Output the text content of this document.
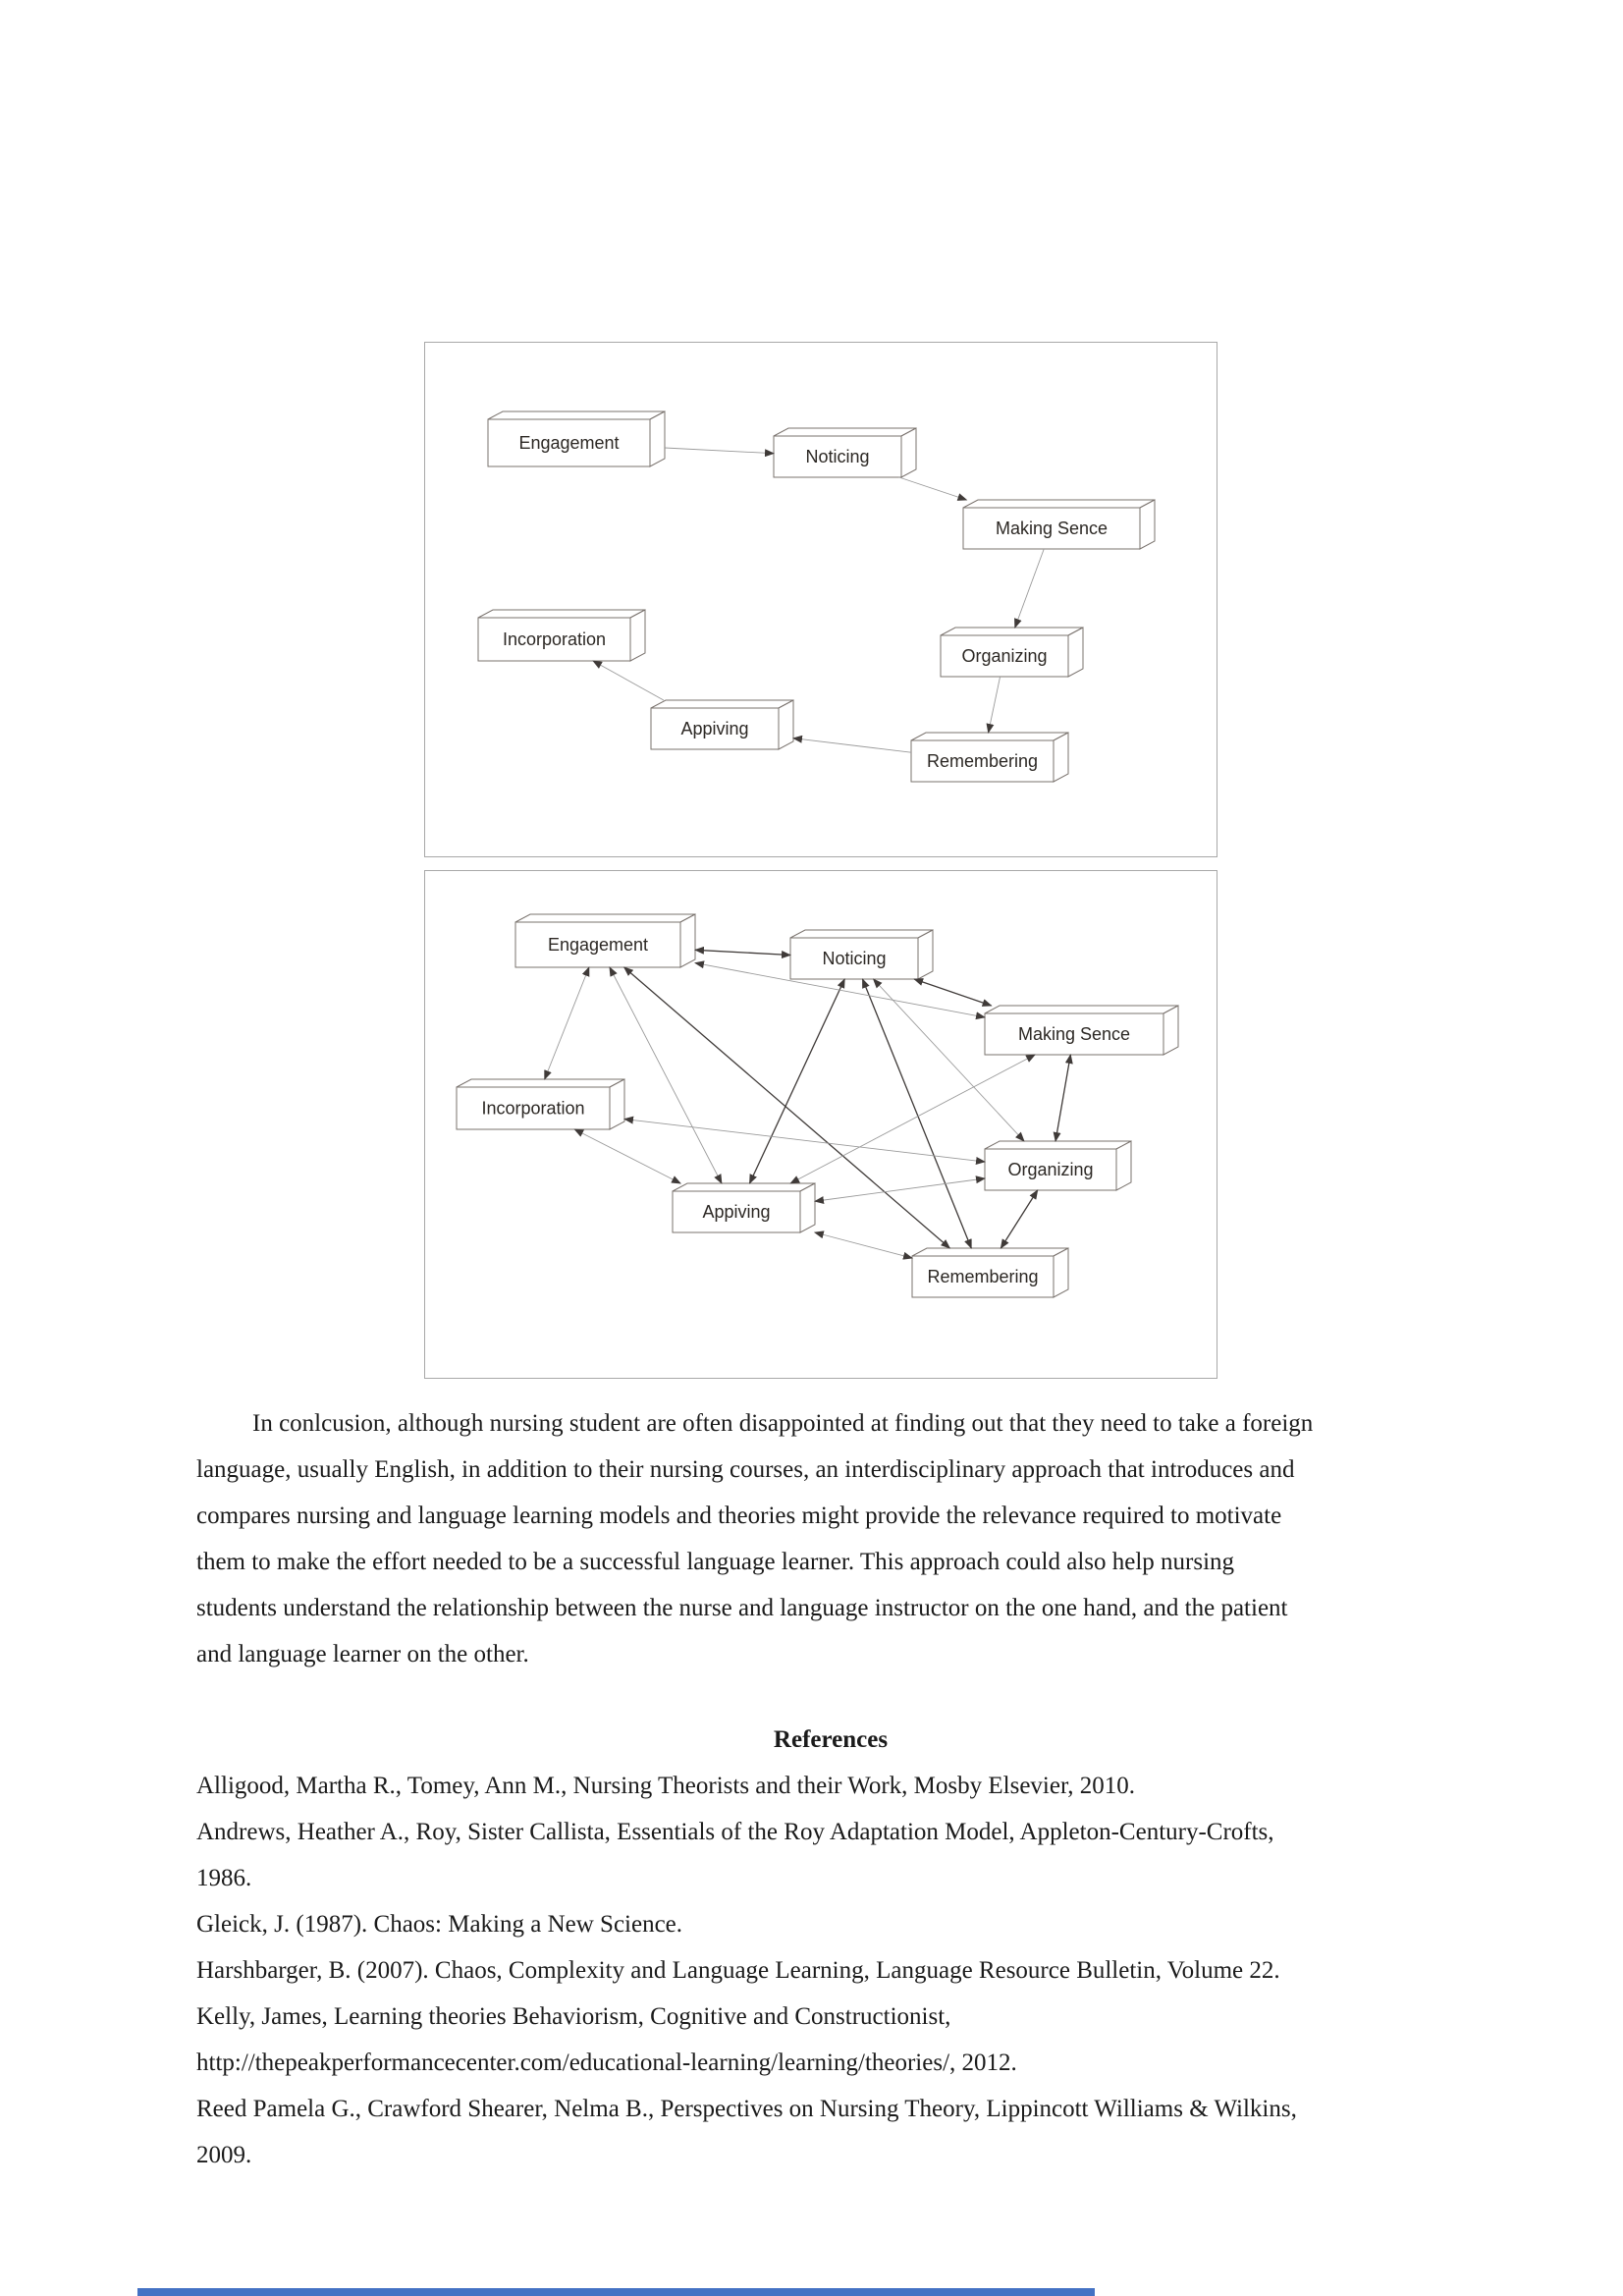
Engagement
Noticing
Making Sence
Incorporation
Organizing
Appiving
Remembering
Engagement
Noticing
Making Sence
Incorporation
Organizing
Appiving
Remembering
In conlcusion, although nursing student are often disappointed at finding out that they need to take a foreign
language, usually English, in addition to their nursing courses, an interdisciplinary approach that introduces and
compares nursing and language learning models and theories might provide the relevance required to motivate
them to make the effort needed to be a successful language learner. This approach could also help nursing
students understand the relationship between the nurse and language instructor on the one hand, and the patient
and language learner on the other.
References
Alligood, Martha R., Tomey, Ann M., Nursing Theorists and their Work, Mosby Elsevier, 2010.
Andrews, Heather A., Roy, Sister Callista, Essentials of the Roy Adaptation Model, Appleton-Century-Crofts,
1986.
Gleick, J. (1987). Chaos: Making a New Science.
Harshbarger, B. (2007). Chaos, Complexity and Language Learning, Language Resource Bulletin, Volume 22.
Kelly, James, Learning theories Behaviorism, Cognitive and Constructionist,
http://thepeakperformancecenter.com/educational-learning/learning/theories/, 2012.
Reed Pamela G., Crawford Shearer, Nelma B., Perspectives on Nursing Theory, Lippincott Williams & Wilkins,
2009.
